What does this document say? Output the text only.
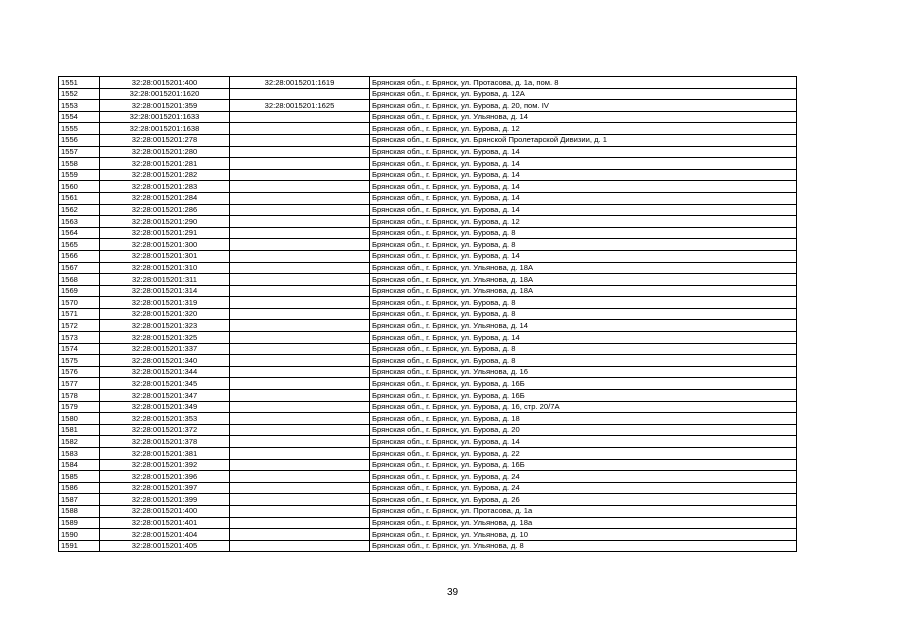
1551	32:28:0015201:400	32:28:0015201:1619	Брянская обл., г. Брянск, ул. Протасова, д. 1а, пом. 8
1552	32:28:0015201:1620		Брянская обл., г. Брянск, ул. Бурова, д. 12А
1553	32:28:0015201:359	32:28:0015201:1625	Брянская обл., г. Брянск, ул. Бурова, д. 20, пом. IV
1554	32:28:0015201:1633		Брянская обл., г. Брянск, ул. Ульянова, д. 14
1555	32:28:0015201:1638		Брянская обл., г. Брянск, ул. Бурова, д. 12
1556	32:28:0015201:278		Брянская обл., г. Брянск, ул. Брянской Пролетарской Дивизии, д. 1
1557	32:28:0015201:280		Брянская обл., г. Брянск, ул. Бурова, д. 14
1558	32:28:0015201:281		Брянская обл., г. Брянск, ул. Бурова, д. 14
1559	32:28:0015201:282		Брянская обл., г. Брянск, ул. Бурова, д. 14
1560	32:28:0015201:283		Брянская обл., г. Брянск, ул. Бурова, д. 14
1561	32:28:0015201:284		Брянская обл., г. Брянск, ул. Бурова, д. 14
1562	32:28:0015201:286		Брянская обл., г. Брянск, ул. Бурова, д. 14
1563	32:28:0015201:290		Брянская обл., г. Брянск, ул. Бурова, д. 12
1564	32:28:0015201:291		Брянская обл., г. Брянск, ул. Бурова, д. 8
1565	32:28:0015201:300		Брянская обл., г. Брянск, ул. Бурова, д. 8
1566	32:28:0015201:301		Брянская обл., г. Брянск, ул. Бурова, д. 14
1567	32:28:0015201:310		Брянская обл., г. Брянск, ул. Ульянова, д. 18А
1568	32:28:0015201:311		Брянская обл., г. Брянск, ул. Ульянова, д. 18А
1569	32:28:0015201:314		Брянская обл., г. Брянск, ул. Ульянова, д. 18А
1570	32:28:0015201:319		Брянская обл., г. Брянск, ул. Бурова, д. 8
1571	32:28:0015201:320		Брянская обл., г. Брянск, ул. Бурова, д. 8
1572	32:28:0015201:323		Брянская обл., г. Брянск, ул. Ульянова, д. 14
1573	32:28:0015201:325		Брянская обл., г. Брянск, ул. Бурова, д. 14
1574	32:28:0015201:337		Брянская обл., г. Брянск, ул. Бурова, д. 8
1575	32:28:0015201:340		Брянская обл., г. Брянск, ул. Бурова, д. 8
1576	32:28:0015201:344		Брянская обл., г. Брянск, ул. Ульянова, д. 16
1577	32:28:0015201:345		Брянская обл., г. Брянск, ул. Бурова, д. 16Б
1578	32:28:0015201:347		Брянская обл., г. Брянск, ул. Бурова, д. 16Б
1579	32:28:0015201:349		Брянская обл., г. Брянск, ул. Бурова, д. 16, стр. 20/7А
1580	32:28:0015201:353		Брянская обл., г. Брянск, ул. Бурова, д. 18
1581	32:28:0015201:372		Брянская обл., г. Брянск, ул. Бурова, д. 20
1582	32:28:0015201:378		Брянская обл., г. Брянск, ул. Бурова, д. 14
1583	32:28:0015201:381		Брянская обл., г. Брянск, ул. Бурова, д. 22
1584	32:28:0015201:392		Брянская обл., г. Брянск, ул. Бурова, д. 16Б
1585	32:28:0015201:396		Брянская обл., г. Брянск, ул. Бурова, д. 24
1586	32:28:0015201:397		Брянская обл., г. Брянск, ул. Бурова, д. 24
1587	32:28:0015201:399		Брянская обл., г. Брянск, ул. Бурова, д. 26
1588	32:28:0015201:400		Брянская обл., г. Брянск, ул. Протасова, д. 1а
1589	32:28:0015201:401		Брянская обл., г. Брянск, ул. Ульянова, д. 18а
1590	32:28:0015201:404		Брянская обл., г. Брянск, ул. Ульянова, д. 10
1591	32:28:0015201:405		Брянская обл., г. Брянск, ул. Ульянова, д. 8
39
